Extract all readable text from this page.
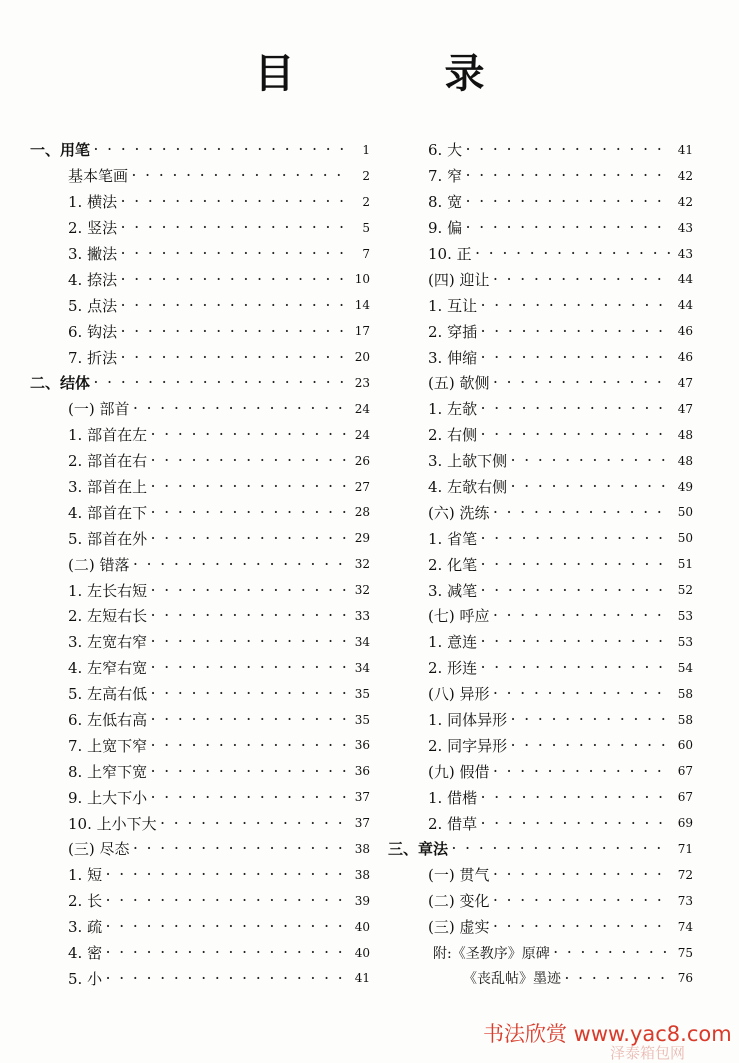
目　录
一、用笔 · · ·	1
基本笔画 · · ·	2
1. 横法 · · ·	2
2. 竖法 · · ·	5
3. 撇法 · · ·	7
4. 捺法 · · ·	10
5. 点法 · · ·	14
6. 钩法 · · ·	17
7. 折法 · · ·	20
二、结体 · · ·	23
(一) 部首 · · ·	24
1. 部首在左 · · ·	24
2. 部首在右 · · ·	26
3. 部首在上 · · ·	27
4. 部首在下 · · ·	28
5. 部首在外 · · ·	29
(二) 错落 · · ·	32
1. 左长右短 · · ·	32
2. 左短右长 · · ·	33
3. 左宽右窄 · · ·	34
4. 左窄右宽 · · ·	34
5. 左高右低 · · ·	35
6. 左低右高 · · ·	35
7. 上宽下窄 · · ·	36
8. 上窄下宽 · · ·	36
9. 上大下小 · · ·	37
10. 上小下大 · · ·	37
(三) 尽态 · · ·	38
1. 短 · · ·	38
2. 长 · · ·	39
3. 疏 · · ·	40
4. 密 · · ·	40
5. 小 · · ·	41
6. 大 · · ·	41
7. 窄 · · ·	42
8. 宽 · · ·	42
9. 偏 · · ·	43
10. 正 · · ·	43
(四) 迎让 · · ·	44
1. 互让 · · ·	44
2. 穿插 · · ·	46
3. 伸缩 · · ·	46
(五) 欹侧 · · ·	47
1. 左欹 · · ·	47
2. 右侧 · · ·	48
3. 上欹下侧 · · ·	48
4. 左欹右侧 · · ·	49
(六) 洗练 · · ·	50
1. 省笔 · · ·	50
2. 化笔 · · ·	51
3. 减笔 · · ·	52
(七) 呼应 · · ·	53
1. 意连 · · ·	53
2. 形连 · · ·	54
(八) 异形 · · ·	58
1. 同体异形 · · ·	58
2. 同字异形 · · ·	60
(九) 假借 · · ·	67
1. 借楷 · · ·	67
2. 借草 · · ·	69
三、章法 · · ·	71
(一) 贯气 · · ·	72
(二) 变化 · · ·	73
(三) 虚实 · · ·	74
附:《圣教序》原碑 · · ·	75
《丧乱帖》墨迹 · · ·	76
书法欣赏 www.yac8.com
泽泰箱包网
